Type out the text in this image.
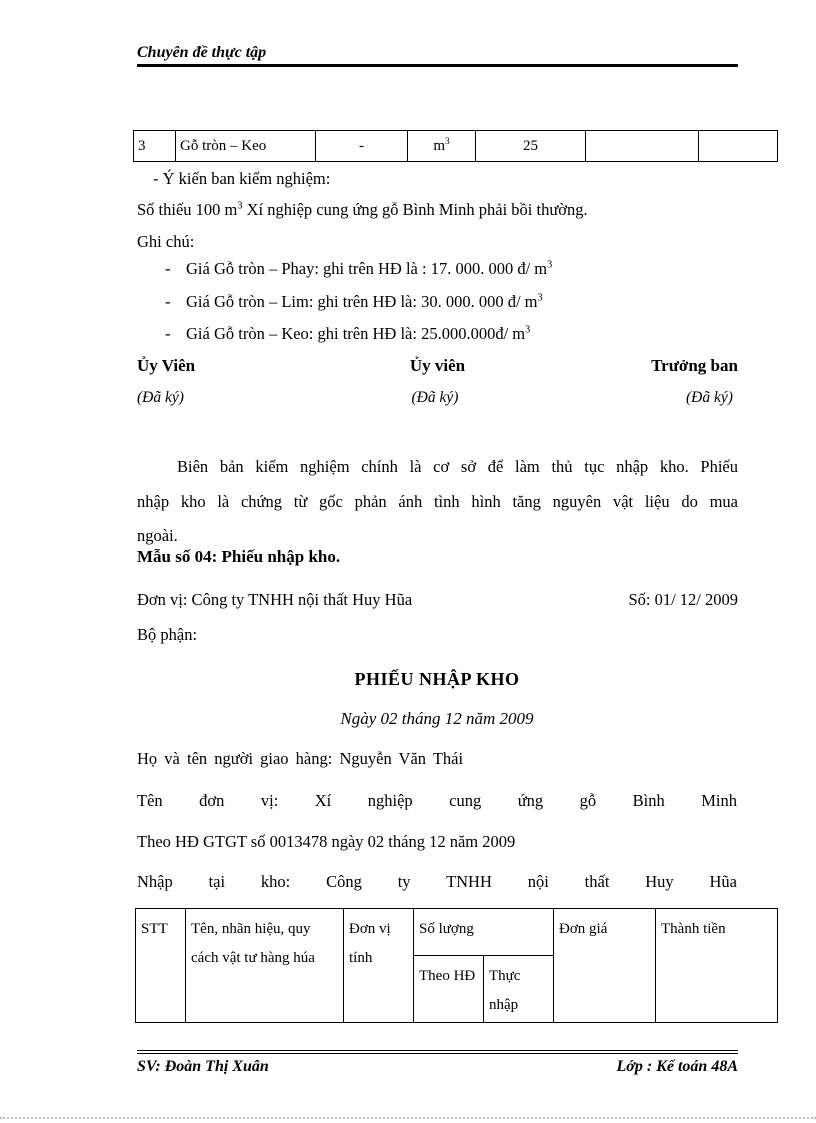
Chuyên đề thực tập
3	Gỗ tròn – Keo	-	$m^3$	25		
- Ý kiến ban kiểm nghiệm:
Số thiếu 100 $m^3$ Xí nghiệp cung ứng gỗ Bình Minh phải bồi thường.
Ghi chú:
- Giá Gỗ tròn – Phay: ghi trên HĐ là : 17. 000. 000 đ/ $m^3$
- Giá Gỗ tròn – Lim: ghi trên HĐ là: 30. 000. 000 đ/ $m^3$
- Giá Gỗ tròn – Keo: ghi trên HĐ là: 25.000.000đ/ $m^3$
Ủy Viên	Ủy viên	Trưởng ban
(Đã ký)	(Đã ký)	(Đã ký)
Biên bản kiểm nghiệm chính là cơ sở để làm thủ tục nhập kho. Phiếu nhập kho là chứng từ gốc phản ánh tình hình tăng nguyên vật liệu do mua ngoài.
Mẫu số 04: Phiếu nhập kho.
Đơn vị: Công ty TNHH nội thất Huy Hũa	Số: 01/ 12/ 2009
Bộ phận:
PHIẾU NHẬP KHO
Ngày 02 tháng 12 năm 2009
Họ và tên người giao hàng: Nguyễn Văn Thái
Tên đơn vị: Xí nghiệp cung ứng gỗ Bình Minh
Theo HĐ GTGT số 0013478 ngày 02 tháng 12 năm 2009
Nhập tại kho: Công ty TNHH nội thất Huy Hũa
STT	Tên, nhãn hiệu, quy cách vật tư hàng húa	Đơn vị tính	Số lượng		Đơn giá	Thành tiền
			Theo HĐ	Thực nhập		
SV: Đoàn Thị Xuân	Lớp : Kế toán 48A
